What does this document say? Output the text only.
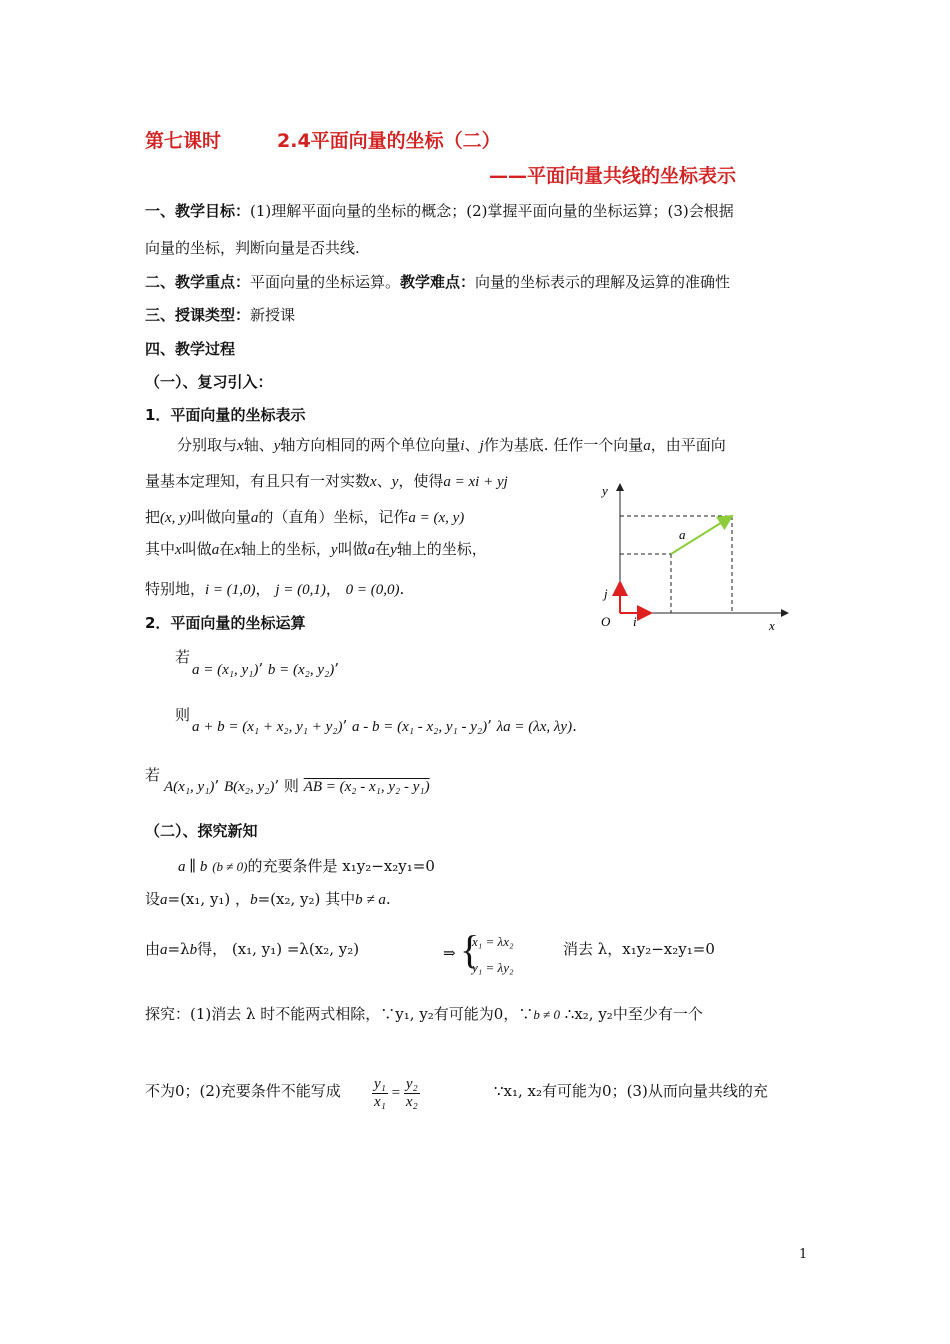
第七课时	2.4平面向量的坐标（二）
——平面向量共线的坐标表示
一、教学目标：(1)理解平面向量的坐标的概念；(2)掌握平面向量的坐标运算；(3)会根据
向量的坐标，判断向量是否共线.
二、教学重点：平面向量的坐标运算。教学难点：向量的坐标表示的理解及运算的准确性
三、授课类型：新授课
四、教学过程
（一）、复习引入：
1．平面向量的坐标表示
分别取与x轴、y轴方向相同的两个单位向量i、j作为基底. 任作一个向量a，由平面向
量基本定理知，有且只有一对实数x、y，使得a = xi + yj
把(x, y)叫做向量a的（直角）坐标，记作a = (x, y)
其中x叫做a在x轴上的坐标，y叫做a在y轴上的坐标，
特别地，i = (1,0)， j = (0,1)， 0 = (0,0).
y
x
O i
j
a
2．平面向量的坐标运算
若
a = (x₁, y₁)’ b = (x₂, y₂)’
则
a + b = (x₁ + x₂, y₁ + y₂)’ a - b = (x₁ - x₂, y₁ - y₂)’ λa = (λx, λy).
若
A(x₁, y₁)’ B(x₂, y₂)’ 则 AB = (x₂ - x₁, y₂ - y₁)
（二）、探究新知
a ∥ b (b ≠ 0)的充要条件是 x₁y₂−x₂y₁=0
设a=(x₁, y₁) ，b=(x₂, y₂) 其中b ≠ a.
由a=λb得， (x₁, y₁) =λ(x₂, y₂)	⇒ {
x₁ = λx₂
y₁ = λy₂
消去 λ，x₁y₂−x₂y₁=0
探究：(1)消去 λ 时不能两式相除，∵y₁, y₂有可能为0，∵b ≠ 0 ∴x₂, y₂中至少有一个
不为0；(2)充要条件不能写成 $\frac{\text{y₁}}{\text{x₁}} = \frac{\text{y₂}}{\text{x₂}}$	∵x₁, x₂有可能为0；(3)从而向量共线的充
1
